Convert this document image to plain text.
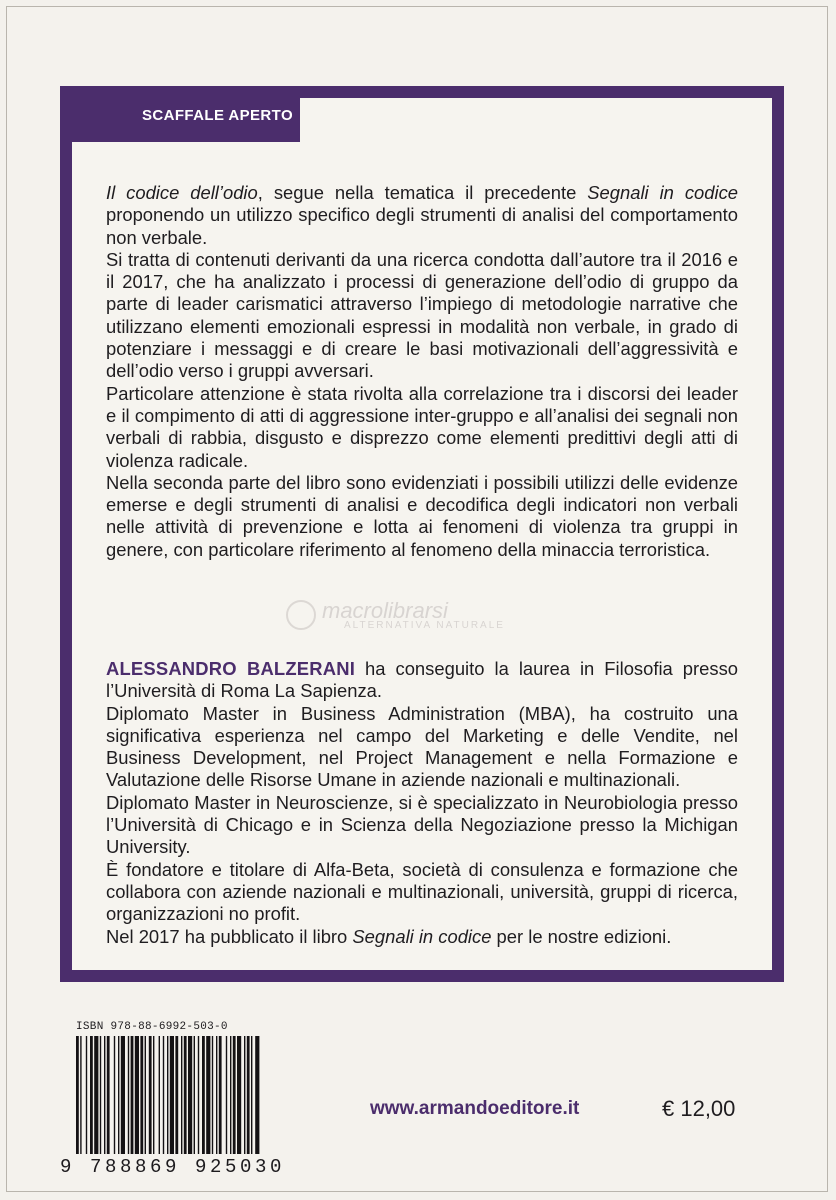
SCAFFALE APERTO

Il codice dell’odio, segue nella tematica il precedente Segnali in codice proponendo un utilizzo specifico degli strumenti di analisi del comportamento non verbale.

Si tratta di contenuti derivanti da una ricerca condotta dall’autore tra il 2016 e il 2017, che ha analizzato i processi di generazione dell’odio di gruppo da parte di leader carismatici attraverso l’impiego di metodologie narrative che utilizzano elementi emozionali espressi in modalità non verbale, in grado di potenziare i messaggi e di creare le basi motivazionali dell’aggressività e dell’odio verso i gruppi avversari.

Particolare attenzione è stata rivolta alla correlazione tra i discorsi dei leader e il compimento di atti di aggressione inter-gruppo e all’analisi dei segnali non verbali di rabbia, disgusto e disprezzo come elementi predittivi degli atti di violenza radicale.

Nella seconda parte del libro sono evidenziati i possibili utilizzi delle evidenze emerse e degli strumenti di analisi e decodifica degli indicatori non verbali nelle attività di prevenzione e lotta ai fenomeni di violenza tra gruppi in genere, con particolare riferimento al fenomeno della minaccia terroristica.

macrolibrarsi
ALTERNATIVA NATURALE

ALESSANDRO BALZERANI ha conseguito la laurea in Filosofia presso l’Università di Roma La Sapienza.

Diplomato Master in Business Administration (MBA), ha costruito una significativa esperienza nel campo del Marketing e delle Vendite, nel Business Development, nel Project Management e nella Formazione e Valutazione delle Risorse Umane in aziende nazionali e multinazionali.

Diplomato Master in Neuroscienze, si è specializzato in Neurobiologia presso l’Università di Chicago e in Scienza della Negoziazione presso la Michigan University.

È fondatore e titolare di Alfa-Beta, società di consulenza e formazione che collabora con aziende nazionali e multinazionali, università, gruppi di ricerca, organizzazioni no profit.

Nel 2017 ha pubblicato il libro Segnali in codice per le nostre edizioni.

ISBN 978-88-6992-503-0
9 788869 925030
www.armandoeditore.it	€ 12,00
